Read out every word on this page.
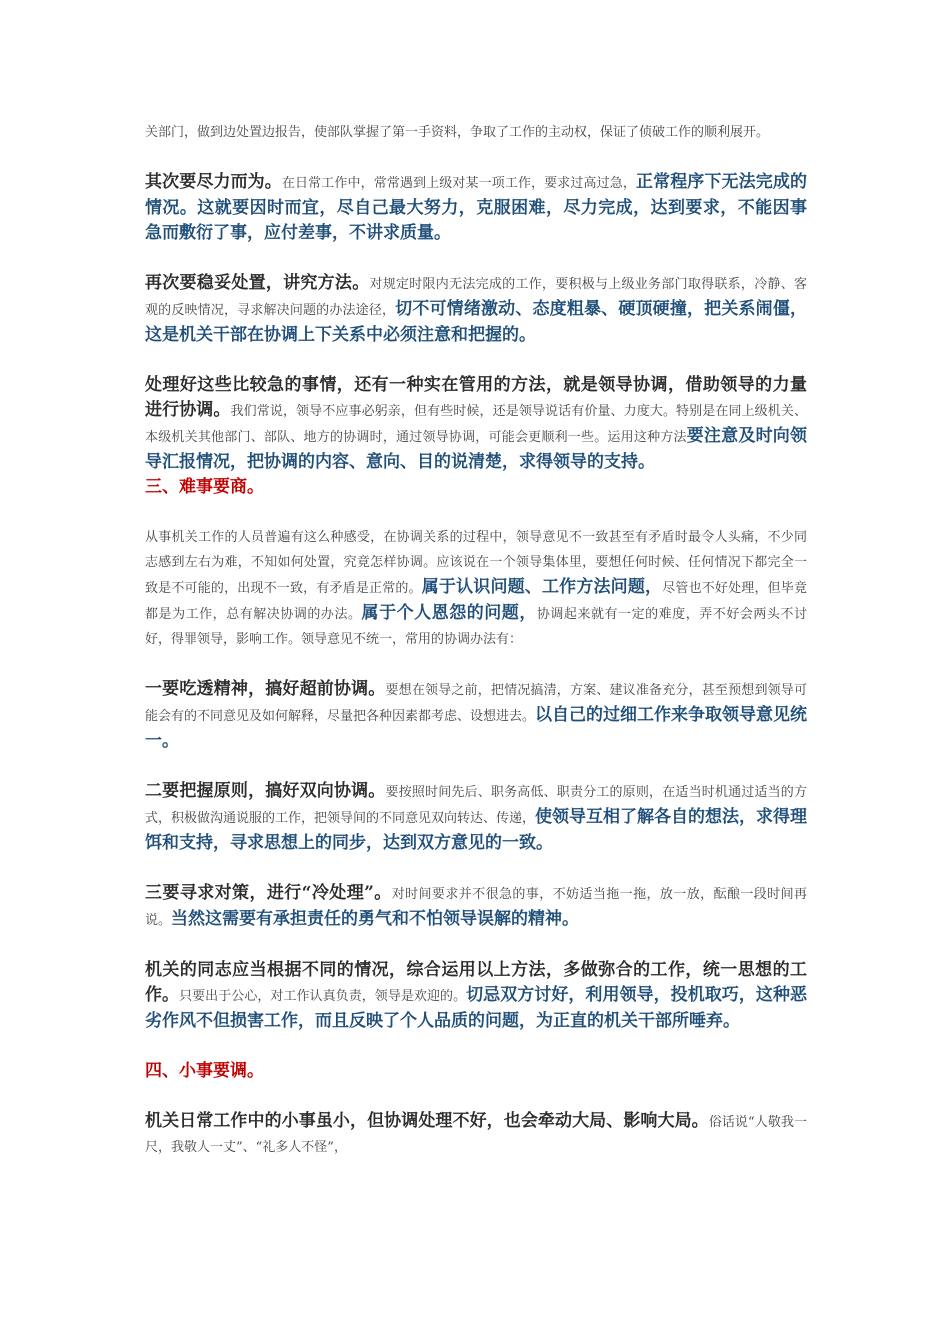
关部门，做到边处置边报告，使部队掌握了第一手资料，争取了工作的主动权，保证了侦破工作的顺利展开。

其次要尽力而为。在日常工作中，常常遇到上级对某一项工作，要求过高过急，正常程序下无法完成的情况。这就要因时而宜，尽自己最大努力，克服困难，尽力完成，达到要求，不能因事急而敷衍了事，应付差事，不讲求质量。

再次要稳妥处置，讲究方法。对规定时限内无法完成的工作，要积极与上级业务部门取得联系，冷静、客观的反映情况，寻求解决问题的办法途径，切不可情绪激动、态度粗暴、硬顶硬撞，把关系闹僵，这是机关干部在协调上下关系中必须注意和把握的。

处理好这些比较急的事情，还有一种实在管用的方法，就是领导协调，借助领导的力量进行协调。我们常说，领导不应事必躬亲，但有些时候，还是领导说话有价量、力度大。特别是在同上级机关、本级机关其他部门、部队、地方的协调时，通过领导协调，可能会更顺利一些。运用这种方法要注意及时向领导汇报情况，把协调的内容、意向、目的说清楚，求得领导的支持。

三、难事要商。

从事机关工作的人员普遍有这么种感受，在协调关系的过程中，领导意见不一致甚至有矛盾时最令人头痛，不少同志感到左右为难，不知如何处置，究竟怎样协调。应该说在一个领导集体里，要想任何时候、任何情况下都完全一致是不可能的，出现不一致，有矛盾是正常的。属于认识问题、工作方法问题，尽管也不好处理，但毕竟都是为工作，总有解决协调的办法。属于个人恩怨的问题，协调起来就有一定的难度，弄不好会两头不讨好，得罪领导，影响工作。领导意见不统一，常用的协调办法有：

一要吃透精神，搞好超前协调。要想在领导之前，把情况搞清，方案、建议准备充分，甚至预想到领导可能会有的不同意见及如何解释，尽量把各种因素都考虑、设想进去。以自己的过细工作来争取领导意见统一。

二要把握原则，搞好双向协调。要按照时间先后、职务高低、职责分工的原则，在适当时机通过适当的方式，积极做沟通说服的工作，把领导间的不同意见双向转达、传递，使领导互相了解各自的想法，求得理饵和支持，寻求思想上的同步，达到双方意见的一致。

三要寻求对策，进行“冷处理”。对时间要求并不很急的事，不妨适当拖一拖，放一放，酝酿一段时间再说。当然这需要有承担责任的勇气和不怕领导误解的精神。

机关的同志应当根据不同的情况，综合运用以上方法，多做弥合的工作，统一思想的工作。只要出于公心，对工作认真负责，领导是欢迎的。切忌双方讨好，利用领导，投机取巧，这种恶劣作风不但损害工作，而且反映了个人品质的问题，为正直的机关干部所唾弃。

四、小事要调。

机关日常工作中的小事虽小，但协调处理不好，也会牵动大局、影响大局。俗话说“人敬我一尺，我敬人一丈”、“礼多人不怪”，
